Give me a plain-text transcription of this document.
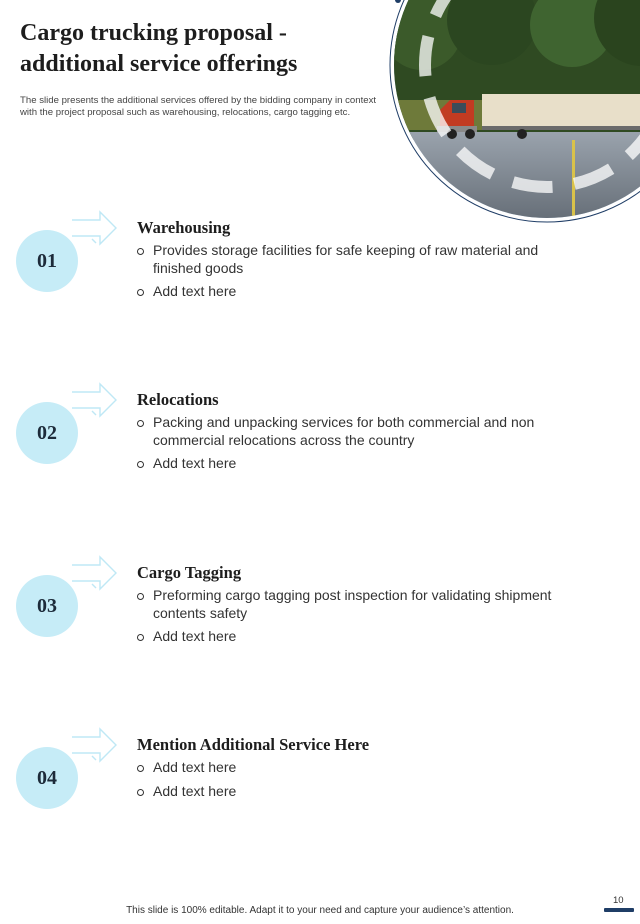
Cargo trucking proposal - additional service offerings

The slide presents the additional services offered by the bidding company in context with the project proposal such as warehousing, relocations, cargo tagging etc.

01
Warehousing
Provides storage facilities for safe keeping of raw material and finished goods
Add text here
02
Relocations
Packing and unpacking services for both commercial and non commercial relocations across the country
Add text here
03
Cargo Tagging
Preforming cargo tagging post inspection for validating shipment contents safety
Add text here
04
Mention Additional Service Here
Add text here
Add text here
10
This slide is 100% editable. Adapt it to your need and capture your audience’s attention.
